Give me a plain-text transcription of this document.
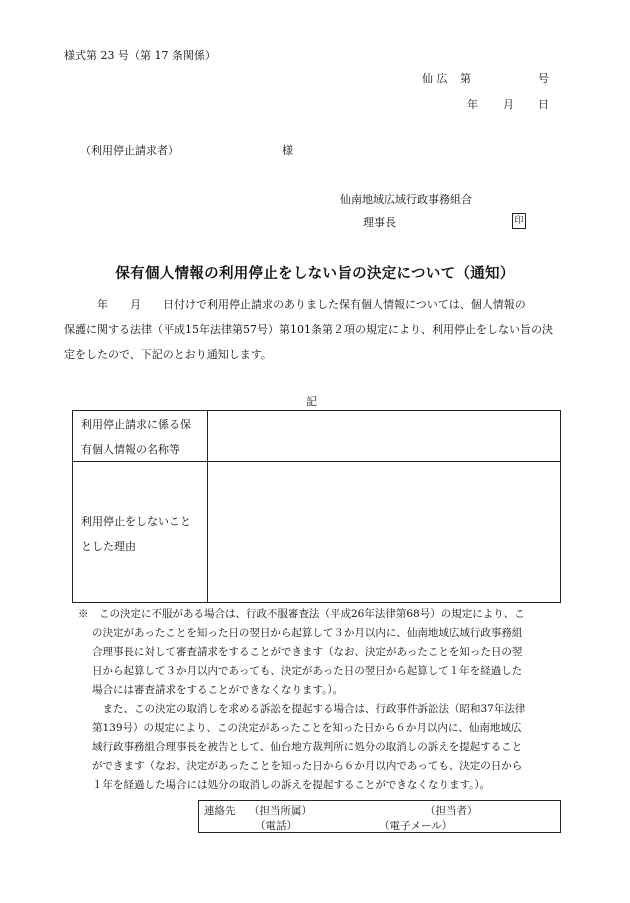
様式第 23 号（第 17 条関係）
仙 広 第	号
年 月 日
（利用停止請求者）	様
仙南地域広域行政事務組合
理事長	印
保有個人情報の利用停止をしない旨の決定について（通知）
　　　年　　月　　日付けで利用停止請求のありました保有個人情報については、個人情報の
保護に関する法律（平成15年法律第57号）第101条第２項の規定により、利用停止をしない旨の決
定をしたので、下記のとおり通知します。
記
利用停止請求に係る保
有個人情報の名称等
利用停止をしないこと
とした理由
※　この決定に不服がある場合は、行政不服審査法（平成26年法律第68号）の規定により、こ
の決定があったことを知った日の翌日から起算して３か月以内に、仙南地域広域行政事務組
合理事長に対して審査請求をすることができます（なお、決定があったことを知った日の翌
日から起算して３か月以内であっても、決定があった日の翌日から起算して１年を経過した
場合には審査請求をすることができなくなります。）。
　また、この決定の取消しを求める訴訟を提起する場合は、行政事件訴訟法（昭和37年法律
第139号）の規定により、この決定があったことを知った日から６か月以内に、仙南地域広
域行政事務組合理事長を被告として、仙台地方裁判所に処分の取消しの訴えを提起すること
ができます（なお、決定があったことを知った日から６か月以内であっても、決定の日から
１年を経過した場合には処分の取消しの訴えを提起することができなくなります。）。
連絡先 （担当所属）	（担当者）
（電話）	（電子メール）
